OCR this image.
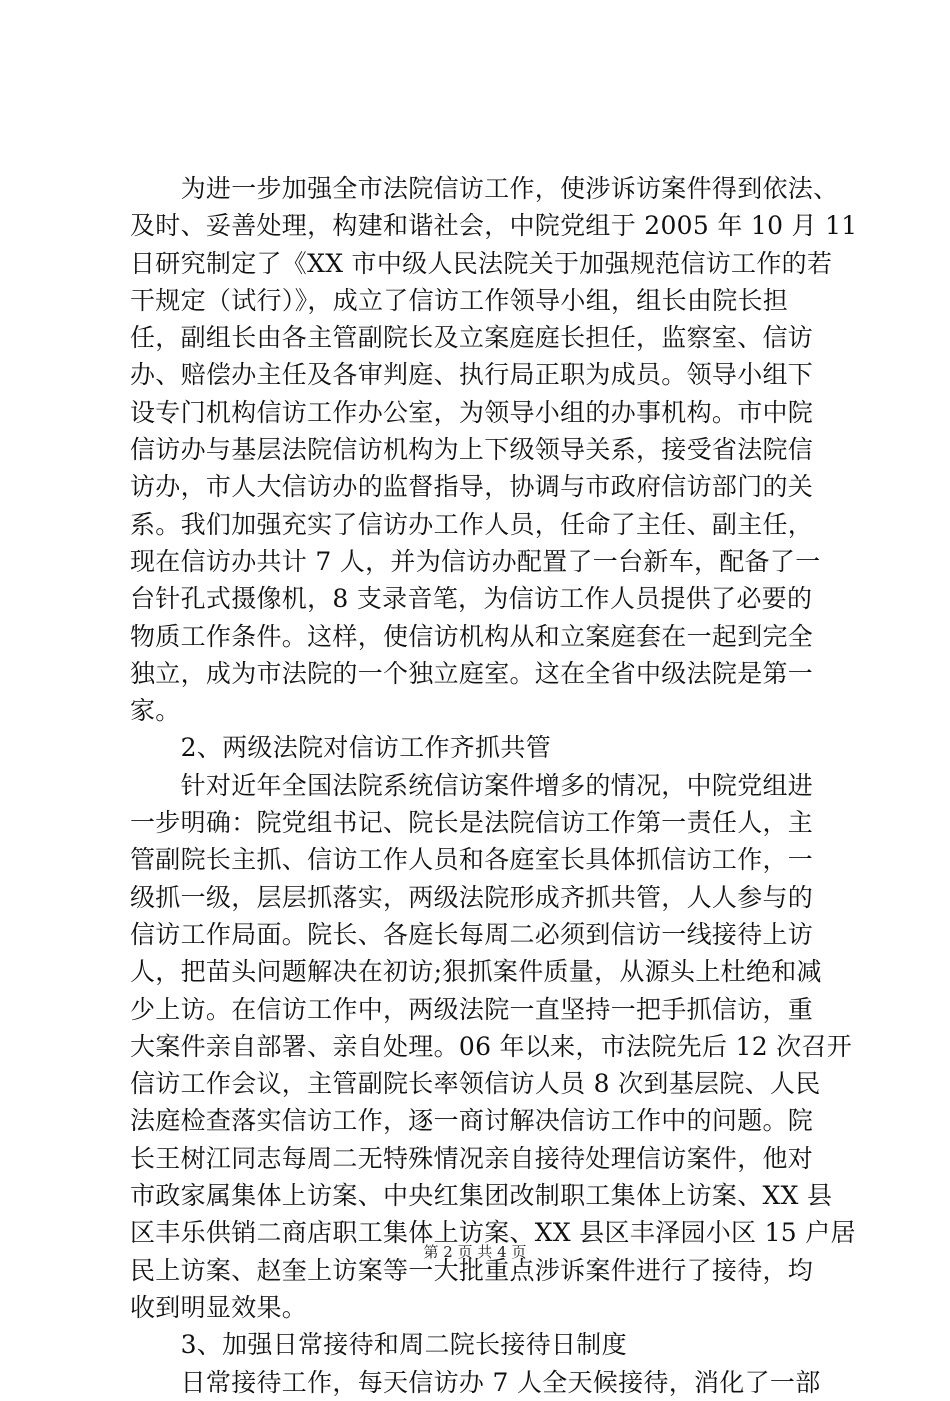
　　为进一步加强全市法院信访工作，使涉诉访案件得到依法、
及时、妥善处理，构建和谐社会，中院党组于 2005 年 10 月 11
日研究制定了《XX 市中级人民法院关于加强规范信访工作的若
干规定（试行）》，成立了信访工作领导小组，组长由院长担
任，副组长由各主管副院长及立案庭庭长担任，监察室、信访
办、赔偿办主任及各审判庭、执行局正职为成员。领导小组下
设专门机构信访工作办公室，为领导小组的办事机构。市中院
信访办与基层法院信访机构为上下级领导关系，接受省法院信
访办，市人大信访办的监督指导，协调与市政府信访部门的关
系。我们加强充实了信访办工作人员，任命了主任、副主任，
现在信访办共计 7 人，并为信访办配置了一台新车，配备了一
台针孔式摄像机，8 支录音笔，为信访工作人员提供了必要的
物质工作条件。这样，使信访机构从和立案庭套在一起到完全
独立，成为市法院的一个独立庭室。这在全省中级法院是第一
家。
　　2、两级法院对信访工作齐抓共管
　　针对近年全国法院系统信访案件增多的情况，中院党组进
一步明确：院党组书记、院长是法院信访工作第一责任人，主
管副院长主抓、信访工作人员和各庭室长具体抓信访工作，一
级抓一级，层层抓落实，两级法院形成齐抓共管，人人参与的
信访工作局面。院长、各庭长每周二必须到信访一线接待上访
人，把苗头问题解决在初访;狠抓案件质量，从源头上杜绝和减
少上访。在信访工作中，两级法院一直坚持一把手抓信访，重
大案件亲自部署、亲自处理。06 年以来，市法院先后 12 次召开
信访工作会议，主管副院长率领信访人员 8 次到基层院、人民
法庭检查落实信访工作，逐一商讨解决信访工作中的问题。院
长王树江同志每周二无特殊情况亲自接待处理信访案件，他对
市政家属集体上访案、中央红集团改制职工集体上访案、XX 县
区丰乐供销二商店职工集体上访案、XX 县区丰泽园小区 15 户居
民上访案、赵奎上访案等一大批重点涉诉案件进行了接待，均
收到明显效果。
　　3、加强日常接待和周二院长接待日制度
　　日常接待工作，每天信访办 7 人全天候接待，消化了一部
第 2 页 共 4 页
